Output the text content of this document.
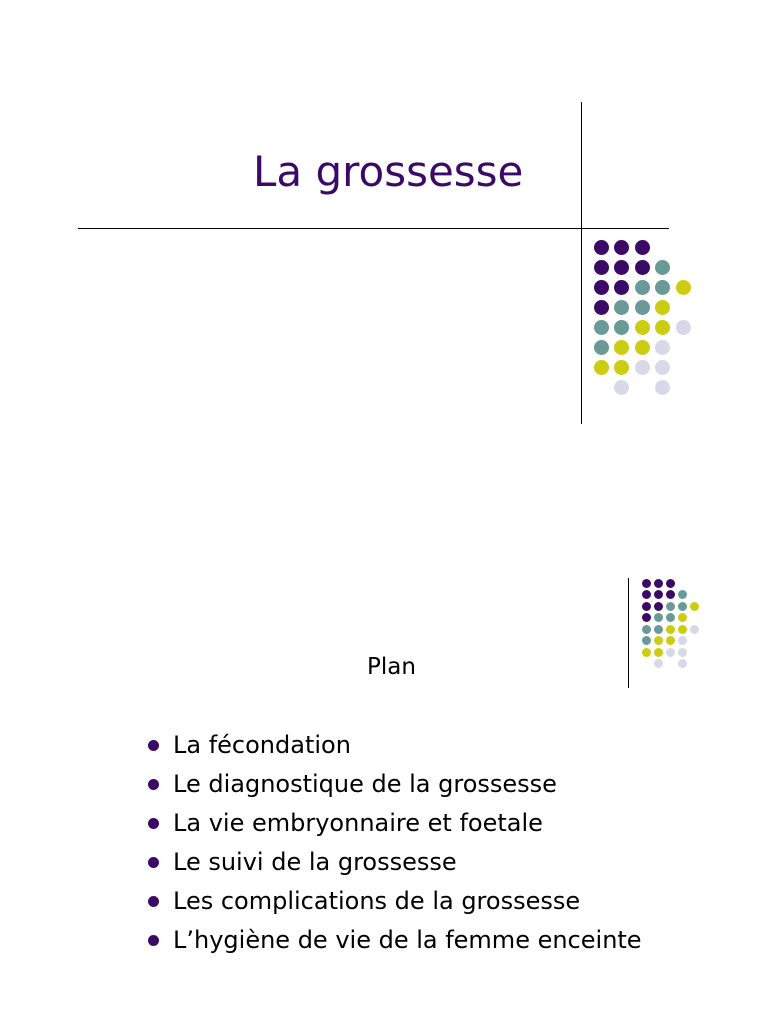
La grossesse
Plan
La fécondation
Le diagnostique de la grossesse
La vie embryonnaire et foetale
Le suivi de la grossesse
Les complications de la grossesse
L’hygiène de vie de la femme enceinte
